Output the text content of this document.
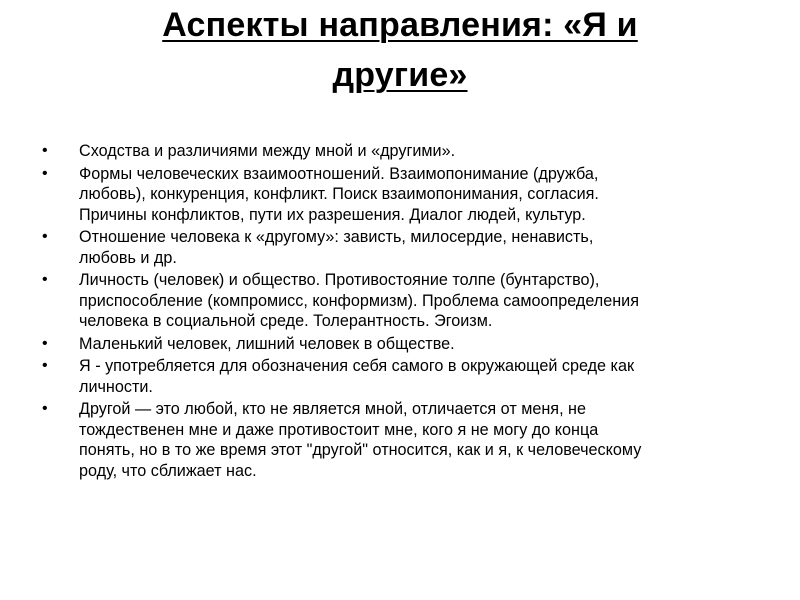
Аспекты направления: «Я и
другие»
• Сходства и различиями между мной и «другими».
• Формы человеческих взаимоотношений. Взаимопонимание (дружба,
любовь), конкуренция, конфликт. Поиск взаимопонимания, согласия.
Причины конфликтов, пути их разрешения. Диалог людей, культур.
• Отношение человека к «другому»: зависть, милосердие, ненависть,
любовь и др.
• Личность (человек) и общество. Противостояние толпе (бунтарство),
приспособление (компромисс, конформизм). Проблема самоопределения
человека в социальной среде. Толерантность. Эгоизм.
• Маленький человек, лишний человек в обществе.
• Я - употребляется для обозначения себя самого в окружающей среде как
личности.
• Другой — это любой, кто не является мной, отличается от меня, не
тождественен мне и даже противостоит мне, кого я не могу до конца
понять, но в то же время этот "другой" относится, как и я, к человеческому
роду, что сближает нас.
